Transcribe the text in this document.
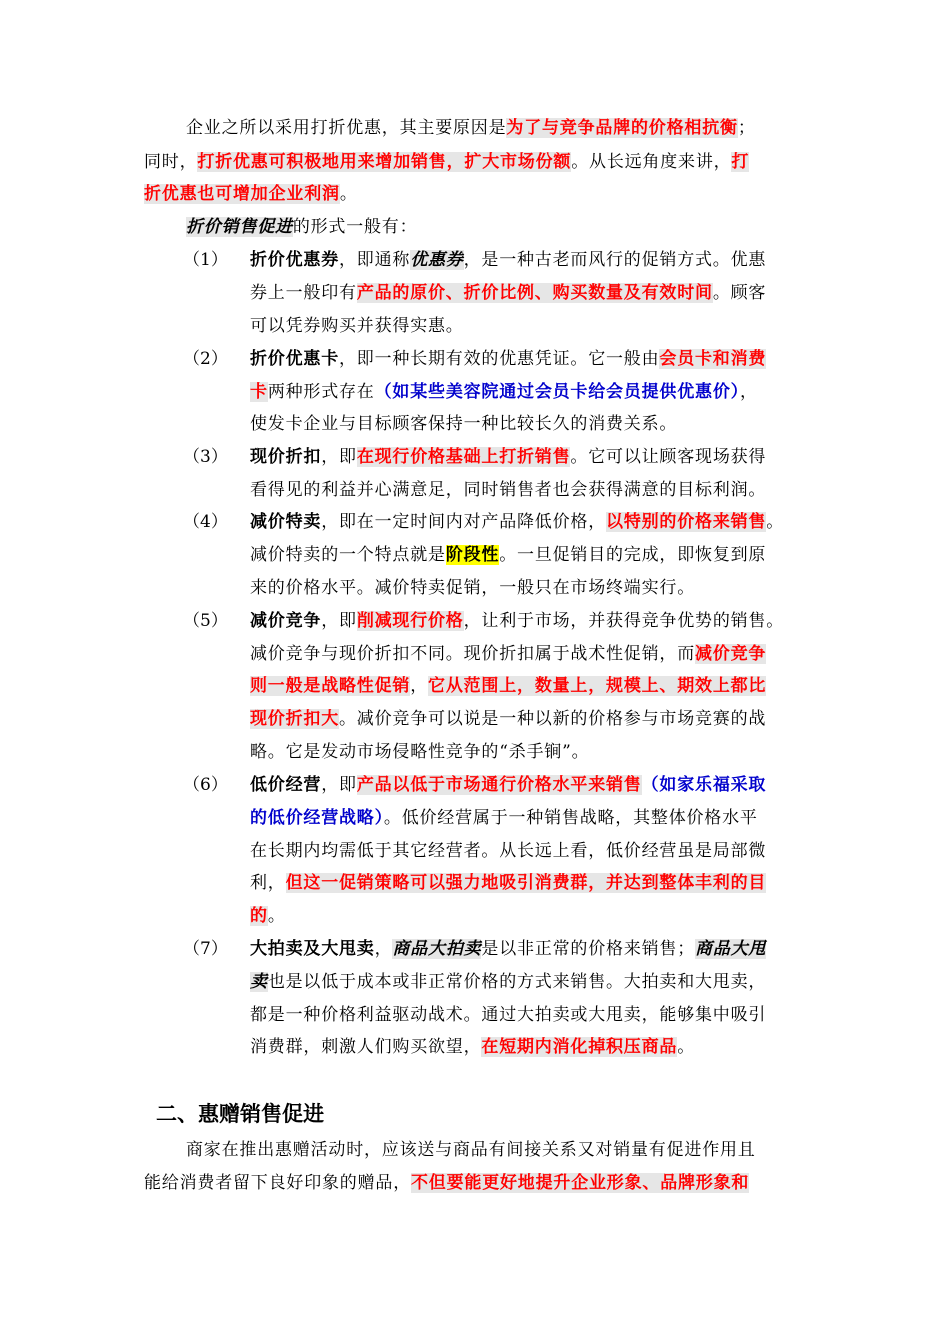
企业之所以采用打折优惠，其主要原因是为了与竞争品牌的价格相抗衡；
同时，打折优惠可积极地用来增加销售，扩大市场份额。从长远角度来讲，打
折优惠也可增加企业利润。
折价销售促进的形式一般有：
（1） 折价优惠券，即通称优惠券，是一种古老而风行的促销方式。优惠
券上一般印有产品的原价、折价比例、购买数量及有效时间。顾客
可以凭券购买并获得实惠。
（2） 折价优惠卡，即一种长期有效的优惠凭证。它一般由会员卡和消费
卡两种形式存在（如某些美容院通过会员卡给会员提供优惠价），
使发卡企业与目标顾客保持一种比较长久的消费关系。
（3） 现价折扣，即在现行价格基础上打折销售。它可以让顾客现场获得
看得见的利益并心满意足，同时销售者也会获得满意的目标利润。
（4） 减价特卖，即在一定时间内对产品降低价格，以特别的价格来销售。
减价特卖的一个特点就是阶段性。一旦促销目的完成，即恢复到原
来的价格水平。减价特卖促销，一般只在市场终端实行。
（5） 减价竞争，即削减现行价格，让利于市场，并获得竞争优势的销售。
减价竞争与现价折扣不同。现价折扣属于战术性促销，而减价竞争
则一般是战略性促销，它从范围上，数量上，规模上、期效上都比
现价折扣大。减价竞争可以说是一种以新的价格参与市场竞赛的战
略。它是发动市场侵略性竞争的“杀手锏”。
（6） 低价经营，即产品以低于市场通行价格水平来销售（如家乐福采取
的低价经营战略）。低价经营属于一种销售战略，其整体价格水平
在长期内均需低于其它经营者。从长远上看，低价经营虽是局部微
利，但这一促销策略可以强力地吸引消费群，并达到整体丰利的目
的。
（7） 大拍卖及大甩卖，商品大拍卖是以非正常的价格来销售；商品大甩
卖也是以低于成本或非正常价格的方式来销售。大拍卖和大甩卖，
都是一种价格利益驱动战术。通过大拍卖或大甩卖，能够集中吸引
消费群，刺激人们购买欲望，在短期内消化掉积压商品。
二、惠赠销售促进
商家在推出惠赠活动时，应该送与商品有间接关系又对销量有促进作用且
能给消费者留下良好印象的赠品，不但要能更好地提升企业形象、品牌形象和
